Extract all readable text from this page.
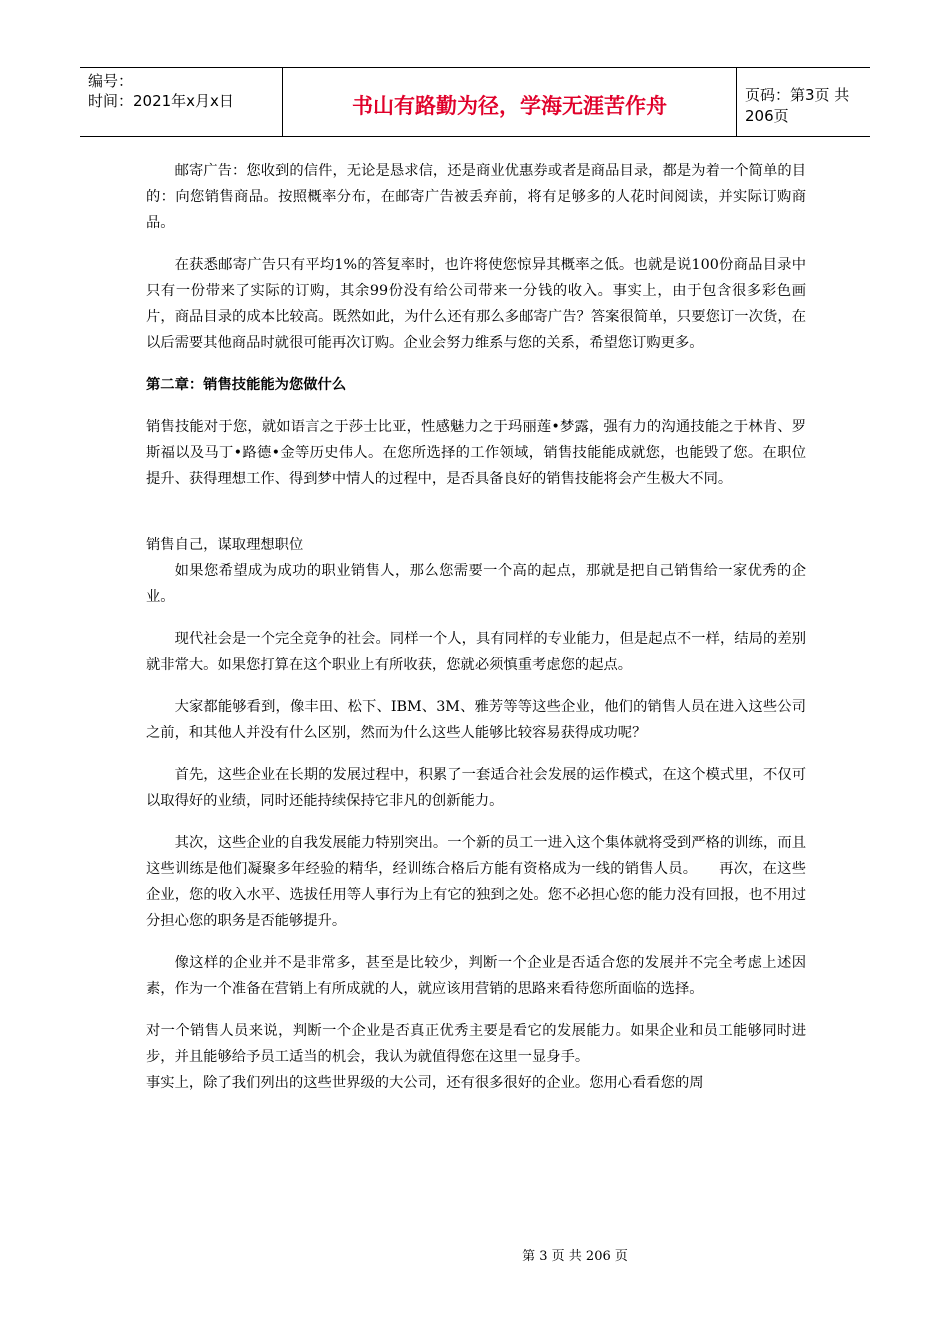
编号：
时间：2021年x月x日	书山有路勤为径，学海无涯苦作舟	页码：第3页 共206页

邮寄广告：您收到的信件，无论是恳求信，还是商业优惠券或者是商品目录，都是为着一个简单的目的：向您销售商品。按照概率分布，在邮寄广告被丢弃前，将有足够多的人花时间阅读，并实际订购商品。

在获悉邮寄广告只有平均1%的答复率时，也许将使您惊异其概率之低。也就是说100份商品目录中只有一份带来了实际的订购，其余99份没有给公司带来一分钱的收入。事实上，由于包含很多彩色画片，商品目录的成本比较高。既然如此，为什么还有那么多邮寄广告？答案很简单，只要您订一次货，在以后需要其他商品时就很可能再次订购。企业会努力维系与您的关系，希望您订购更多。

第二章：销售技能能为您做什么

销售技能对于您，就如语言之于莎士比亚，性感魅力之于玛丽莲•梦露，强有力的沟通技能之于林肯、罗斯福以及马丁•路德•金等历史伟人。在您所选择的工作领域，销售技能能成就您，也能毁了您。在职位提升、获得理想工作、得到梦中情人的过程中，是否具备良好的销售技能将会产生极大不同。

销售自己，谋取理想职位

如果您希望成为成功的职业销售人，那么您需要一个高的起点，那就是把自己销售给一家优秀的企业。

现代社会是一个完全竞争的社会。同样一个人，具有同样的专业能力，但是起点不一样，结局的差别就非常大。如果您打算在这个职业上有所收获，您就必须慎重考虑您的起点。

大家都能够看到，像丰田、松下、IBM、3M、雅芳等等这些企业，他们的销售人员在进入这些公司之前，和其他人并没有什么区别，然而为什么这些人能够比较容易获得成功呢？

首先，这些企业在长期的发展过程中，积累了一套适合社会发展的运作模式，在这个模式里，不仅可以取得好的业绩，同时还能持续保持它非凡的创新能力。

其次，这些企业的自我发展能力特别突出。一个新的员工一进入这个集体就将受到严格的训练，而且这些训练是他们凝聚多年经验的精华，经训练合格后方能有资格成为一线的销售人员。　　再次，在这些企业，您的收入水平、选拔任用等人事行为上有它的独到之处。您不必担心您的能力没有回报，也不用过分担心您的职务是否能够提升。

像这样的企业并不是非常多，甚至是比较少，判断一个企业是否适合您的发展并不完全考虑上述因素，作为一个准备在营销上有所成就的人，就应该用营销的思路来看待您所面临的选择。

对一个销售人员来说，判断一个企业是否真正优秀主要是看它的发展能力。如果企业和员工能够同时进步，并且能够给予员工适当的机会，我认为就值得您在这里一显身手。

事实上，除了我们列出的这些世界级的大公司，还有很多很好的企业。您用心看看您的周

第 3 页 共 206 页
